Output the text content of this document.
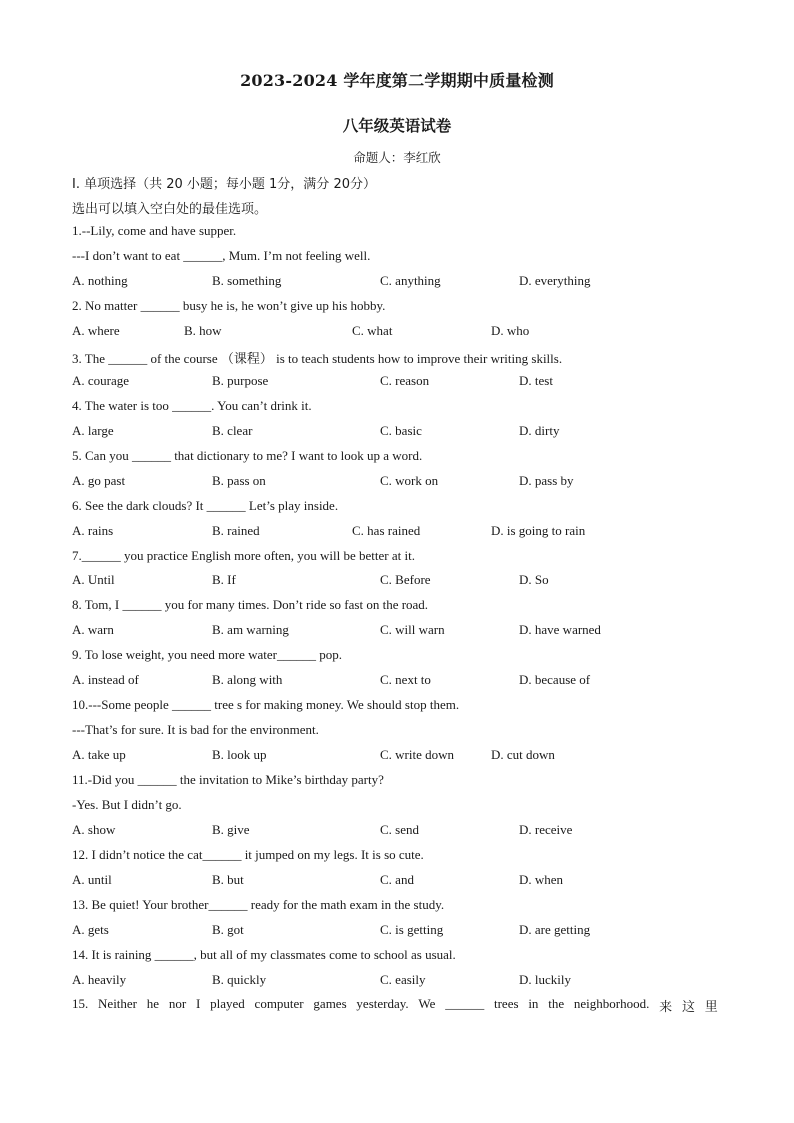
2023-2024 学年度第二学期期中质量检测
八年级英语试卷
命题人：李红欣
Ⅰ. 单项选择（共 20 小题；每小题 1分，满分 20分）
选出可以填入空白处的最佳选项。
1.--Lily, come and have supper.
---I don’t want to eat ______, Mum. I’m not feeling well.
A. nothing	B. something	C. anything	D. everything
2. No matter ______ busy he is, he won’t give up his hobby.
A. where	B. how	C. what	D. who
3. The ______ of the course （课程） is to teach students how to improve their writing skills.
A. courage	B. purpose	C. reason	D. test
4. The water is too ______. You can’t drink it.
A. large	B. clear	C. basic	D. dirty
5. Can you ______ that dictionary to me? I want to look up a word.
A. go past	B. pass on	C. work on	D. pass by
6. See the dark clouds? It ______ Let’s play inside.
A. rains	B. rained	C. has rained	D. is going to rain
7.______ you practice English more often, you will be better at it.
A. Until	B. If	C. Before	D. So
8. Tom, I ______ you for many times. Don’t ride so fast on the road.
A. warn	B. am warning	C. will warn	D. have warned
9. To lose weight, you need more water______ pop.
A. instead of	B. along with	C. next to	D. because of
10.---Some people ______ tree s for making money. We should stop them.
---That’s for sure. It is bad for the environment.
A. take up	B. look up	C. write down	D. cut down
11.-Did you ______ the invitation to Mike’s birthday party?
-Yes. But I didn’t go.
A. show	B. give	C. send	D. receive
12. I didn’t notice the cat______ it jumped on my legs. It is so cute.
A. until	B. but	C. and	D. when
13. Be quiet! Your brother______ ready for the math exam in the study.
A. gets	B. got	C. is getting	D. are getting
14. It is raining ______, but all of my classmates come to school as usual.
A. heavily	B. quickly	C. easily	D. luckily
15. Neither he nor I played computer games yesterday. We ______ trees in the neighborhood. 来 这 里
